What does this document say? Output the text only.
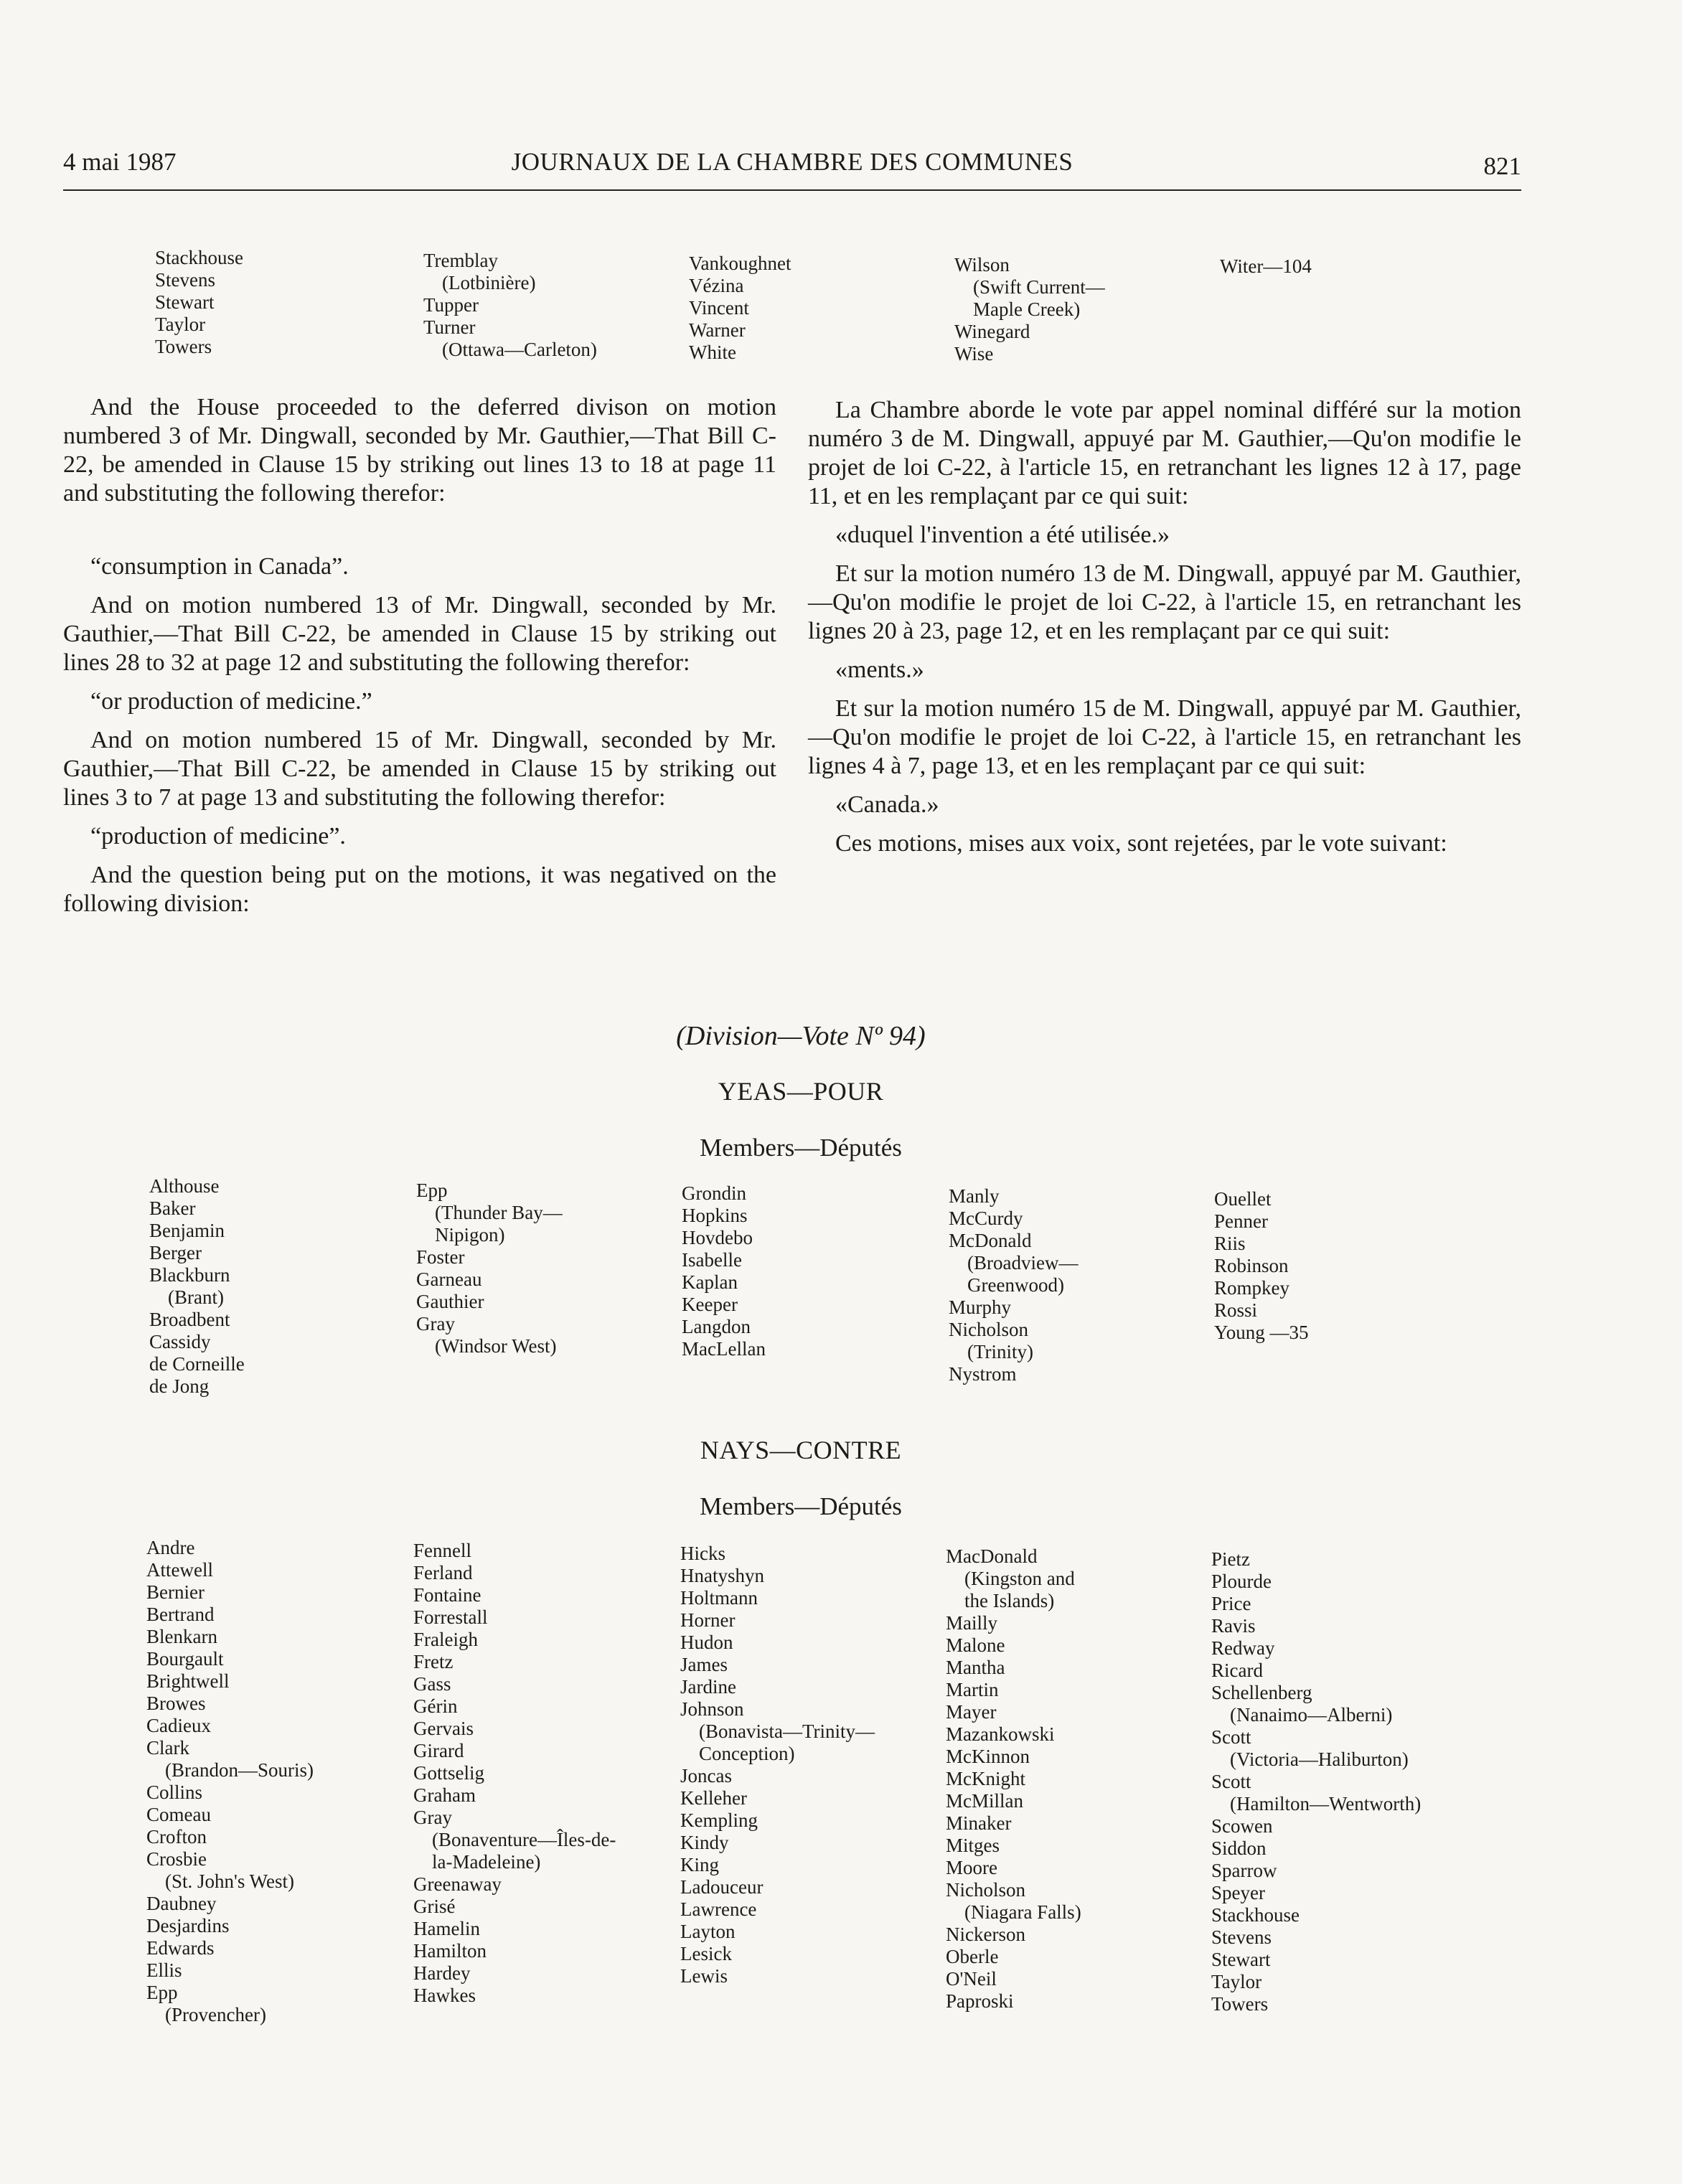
4 mai 1987	JOURNAUX DE LA CHAMBRE DES COMMUNES	821
Stackhouse
Stevens
Stewart
Taylor
Towers
Tremblay
(Lotbinière)
Tupper
Turner
(Ottawa—Carleton)
Vankoughnet
Vézina
Vincent
Warner
White
Wilson
(Swift Current—
Maple Creek)
Winegard
Wise
Witer—104

And the House proceeded to the deferred divison on motion numbered 3 of Mr. Dingwall, seconded by Mr. Gauthier,—That Bill C-22, be amended in Clause 15 by striking out lines 13 to 18 at page 11 and substituting the following therefor:

“consumption in Canada”.

And on motion numbered 13 of Mr. Dingwall, seconded by Mr. Gauthier,—That Bill C-22, be amended in Clause 15 by striking out lines 28 to 32 at page 12 and substituting the following therefor:

“or production of medicine.”

And on motion numbered 15 of Mr. Dingwall, seconded by Mr. Gauthier,—That Bill C-22, be amended in Clause 15 by striking out lines 3 to 7 at page 13 and substituting the following therefor:

“production of medicine”.

And the question being put on the motions, it was negatived on the following division:

La Chambre aborde le vote par appel nominal différé sur la motion numéro 3 de M. Dingwall, appuyé par M. Gauthier,—Qu'on modifie le projet de loi C-22, à l'article 15, en retranchant les lignes 12 à 17, page 11, et en les remplaçant par ce qui suit:

«duquel l'invention a été utilisée.»

Et sur la motion numéro 13 de M. Dingwall, appuyé par M. Gauthier,—Qu'on modifie le projet de loi C-22, à l'article 15, en retranchant les lignes 20 à 23, page 12, et en les remplaçant par ce qui suit:

«ments.»

Et sur la motion numéro 15 de M. Dingwall, appuyé par M. Gauthier,—Qu'on modifie le projet de loi C-22, à l'article 15, en retranchant les lignes 4 à 7, page 13, et en les remplaçant par ce qui suit:

«Canada.»

Ces motions, mises aux voix, sont rejetées, par le vote suivant:

(Division—Vote Nº 94)
YEAS—POUR
Members—Députés
Althouse
Baker
Benjamin
Berger
Blackburn
(Brant)
Broadbent
Cassidy
de Corneille
de Jong
Epp
(Thunder Bay—
Nipigon)
Foster
Garneau
Gauthier
Gray
(Windsor West)
Grondin
Hopkins
Hovdebo
Isabelle
Kaplan
Keeper
Langdon
MacLellan
Manly
McCurdy
McDonald
(Broadview—
Greenwood)
Murphy
Nicholson
(Trinity)
Nystrom
Ouellet
Penner
Riis
Robinson
Rompkey
Rossi
Young —35
NAYS—CONTRE
Members—Députés
Andre
Attewell
Bernier
Bertrand
Blenkarn
Bourgault
Brightwell
Browes
Cadieux
Clark
(Brandon—Souris)
Collins
Comeau
Crofton
Crosbie
(St. John's West)
Daubney
Desjardins
Edwards
Ellis
Epp
(Provencher)
Fennell
Ferland
Fontaine
Forrestall
Fraleigh
Fretz
Gass
Gérin
Gervais
Girard
Gottselig
Graham
Gray
(Bonaventure—Îles-de-
la-Madeleine)
Greenaway
Grisé
Hamelin
Hamilton
Hardey
Hawkes
Hicks
Hnatyshyn
Holtmann
Horner
Hudon
James
Jardine
Johnson
(Bonavista—Trinity—
Conception)
Joncas
Kelleher
Kempling
Kindy
King
Ladouceur
Lawrence
Layton
Lesick
Lewis
MacDonald
(Kingston and
the Islands)
Mailly
Malone
Mantha
Martin
Mayer
Mazankowski
McKinnon
McKnight
McMillan
Minaker
Mitges
Moore
Nicholson
(Niagara Falls)
Nickerson
Oberle
O'Neil
Paproski
Pietz
Plourde
Price
Ravis
Redway
Ricard
Schellenberg
(Nanaimo—Alberni)
Scott
(Victoria—Haliburton)
Scott
(Hamilton—Wentworth)
Scowen
Siddon
Sparrow
Speyer
Stackhouse
Stevens
Stewart
Taylor
Towers
